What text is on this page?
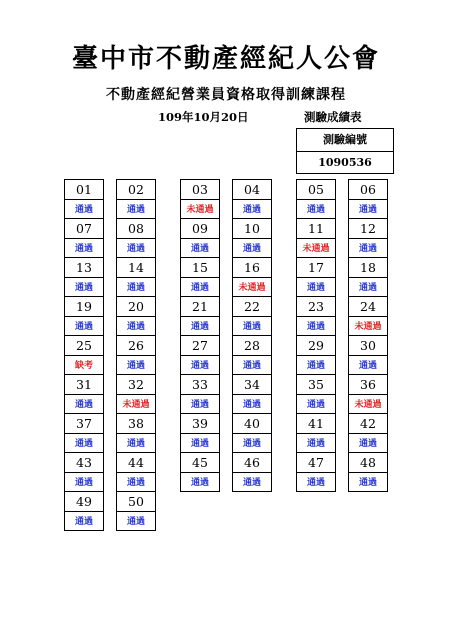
臺中市不動產經紀人公會
不動產經紀營業員資格取得訓練課程
109年10月20日	測驗成績表
測驗編號
1090536
01
通過
07
通過
13
通過
19
通過
25
缺考
31
通過
37
通過
43
通過
49
通過
02
通過
08
通過
14
通過
20
通過
26
通過
32
未通過
38
通過
44
通過
50
通過
03
未通過
09
通過
15
通過
21
通過
27
通過
33
通過
39
通過
45
通過
04
通過
10
通過
16
未通過
22
通過
28
通過
34
通過
40
通過
46
通過
05
通過
11
未通過
17
通過
23
通過
29
通過
35
通過
41
通過
47
通過
06
通過
12
通過
18
通過
24
未通過
30
通過
36
未通過
42
通過
48
通過
